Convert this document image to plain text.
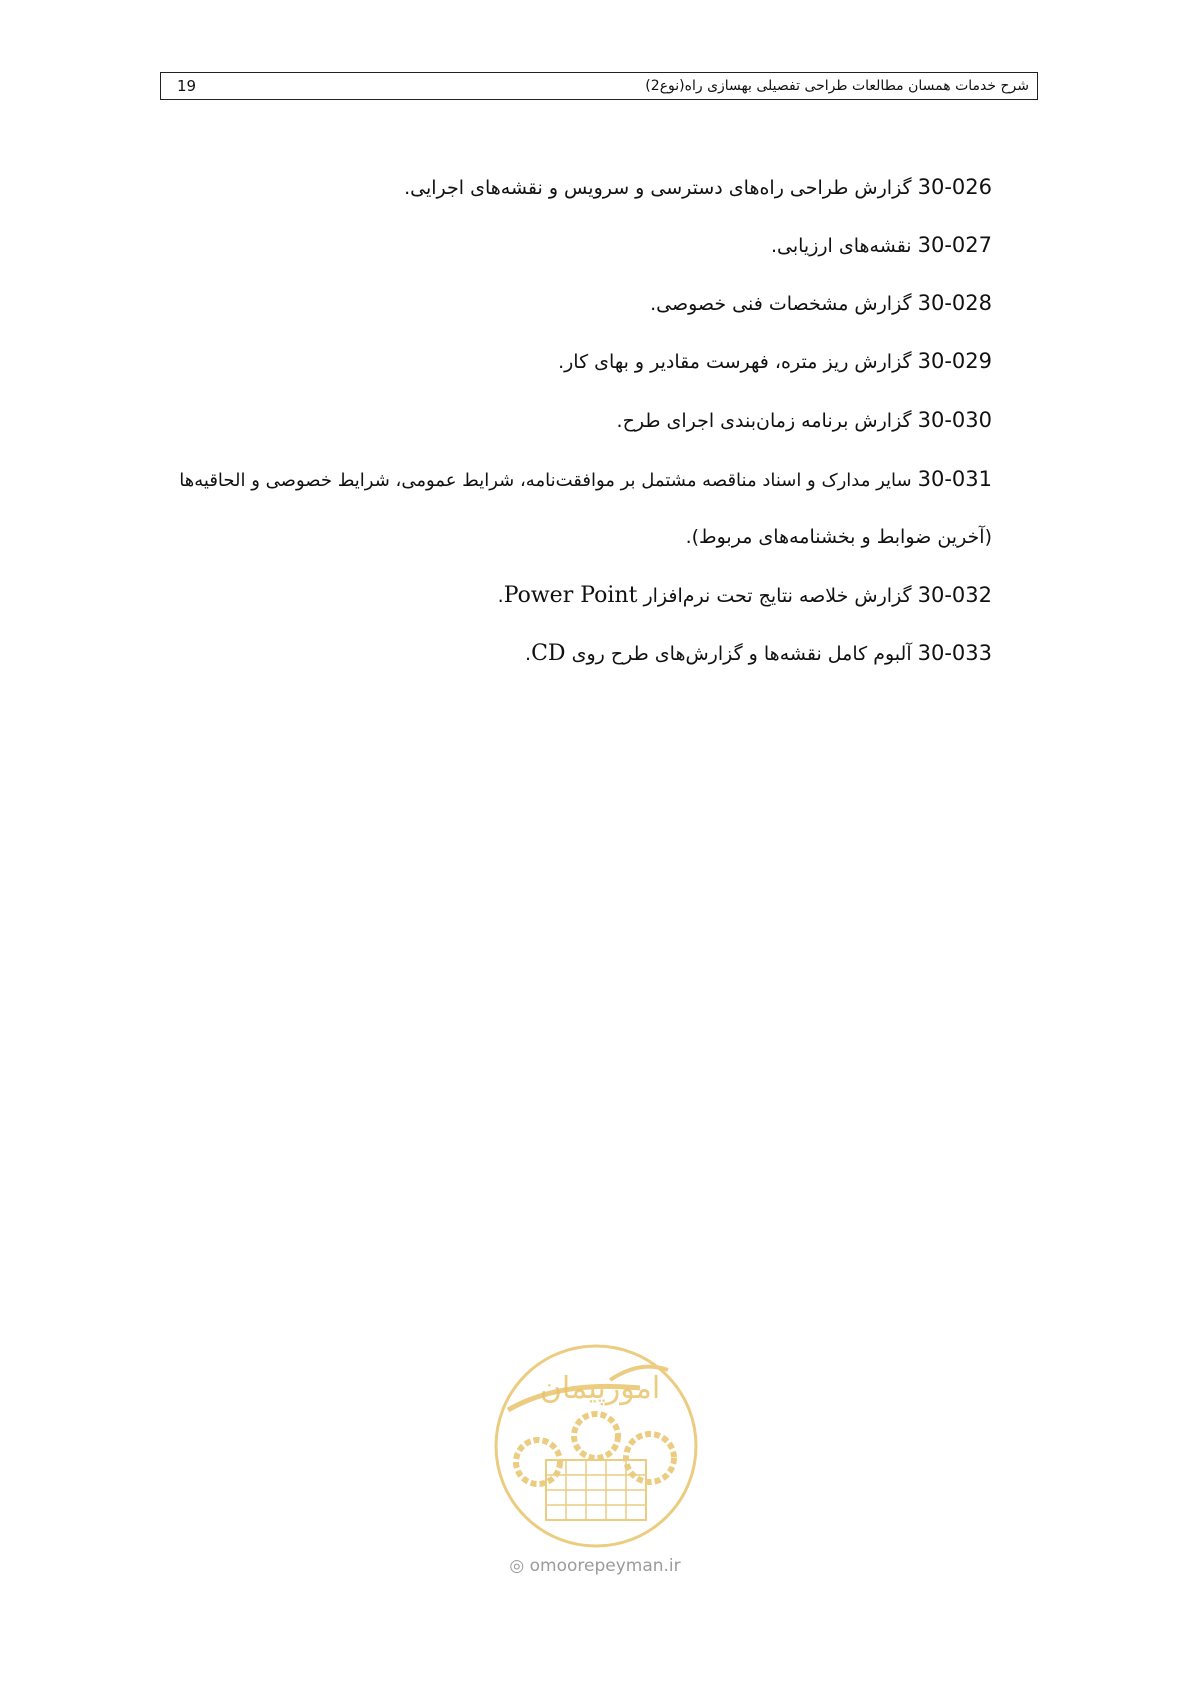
19	شرح خدمات همسان مطالعات طراحی تفصیلی بهسازی راه(نوع2)
30-026گزارش طراحی راه‌های دسترسی و سرویس و نقشه‌های اجرایی.
30-027نقشه‌های ارزیابی.
30-028گزارش مشخصات فنی خصوصی.
30-029گزارش ریز متره، فهرست مقادیر و بهای کار.
30-030گزارش برنامه زمان‌بندی اجرای طرح.
30-031سایر مدارک و اسناد مناقصه مشتمل بر موافقت‌نامه، شرایط عمومی، شرایط خصوصی و الحاقیه‌ها
(آخرین ضوابط و بخشنامه‌های مربوط).
30-032گزارش خلاصه نتایج تحت نرم‌افزار Power Point.
30-033آلبوم کامل نقشه‌ها و گزارش‌های طرح روی CD.
امورپیمان
◎ omoorepeyman.ir
